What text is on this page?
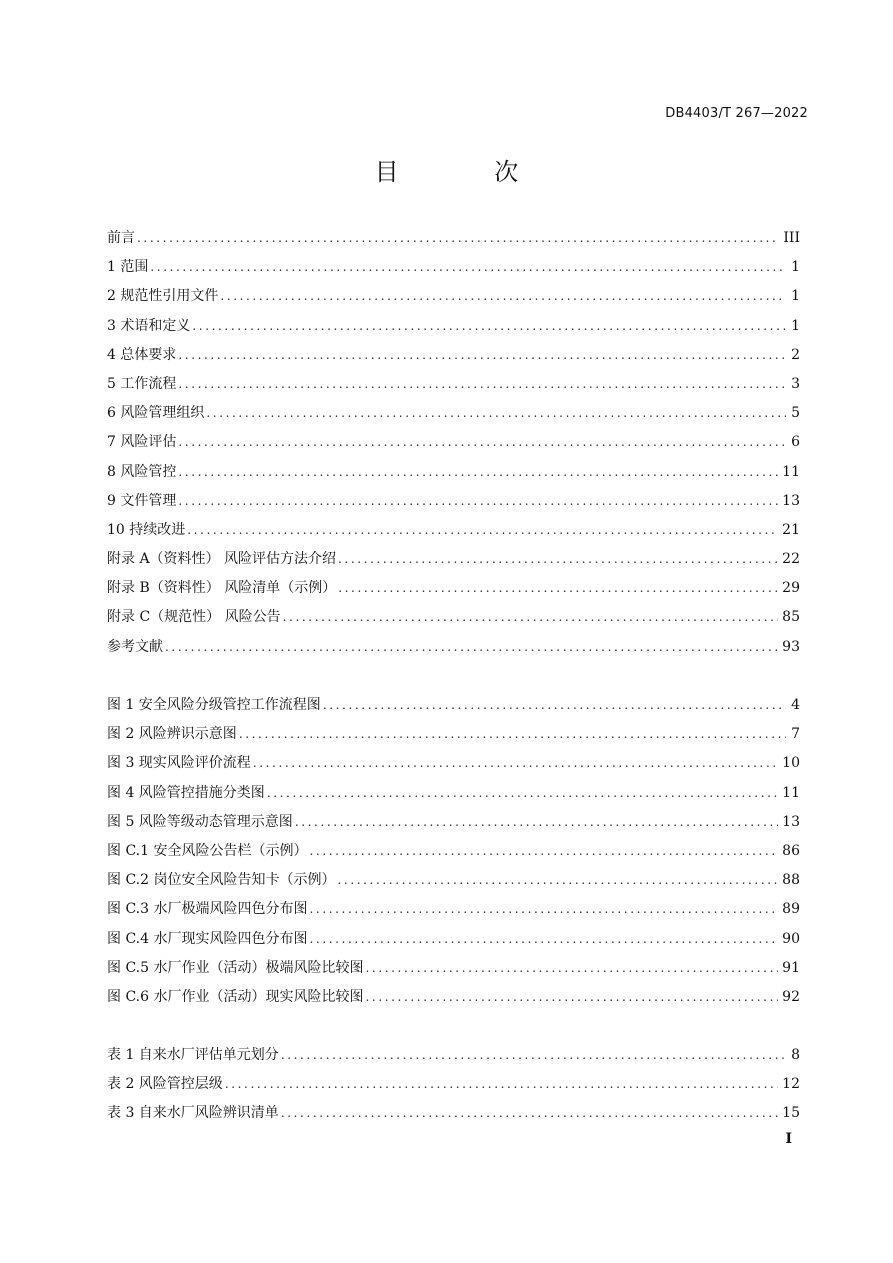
DB4403/T 267—2022
目 次
前言 .....	III
1 范围 .....	1
2 规范性引用文件 .....	1
3 术语和定义 .....	1
4 总体要求 .....	2
5 工作流程 .....	3
6 风险管理组织 .....	5
7 风险评估 .....	6
8 风险管控 .....	11
9 文件管理 .....	13
10 持续改进 .....	21
附录 A（资料性） 风险评估方法介绍 .....	22
附录 B（资料性） 风险清单（示例） .....	29
附录 C（规范性） 风险公告 .....	85
参考文献 .....	93
图 1 安全风险分级管控工作流程图 .....	4
图 2 风险辨识示意图 .....	7
图 3 现实风险评价流程 .....	10
图 4 风险管控措施分类图 .....	11
图 5 风险等级动态管理示意图 .....	13
图 C.1 安全风险公告栏（示例） .....	86
图 C.2 岗位安全风险告知卡（示例） .....	88
图 C.3 水厂极端风险四色分布图 .....	89
图 C.4 水厂现实风险四色分布图 .....	90
图 C.5 水厂作业（活动）极端风险比较图 .....	91
图 C.6 水厂作业（活动）现实风险比较图 .....	92
表 1 自来水厂评估单元划分 .....	8
表 2 风险管控层级 .....	12
表 3 自来水厂风险辨识清单 .....	15
I
